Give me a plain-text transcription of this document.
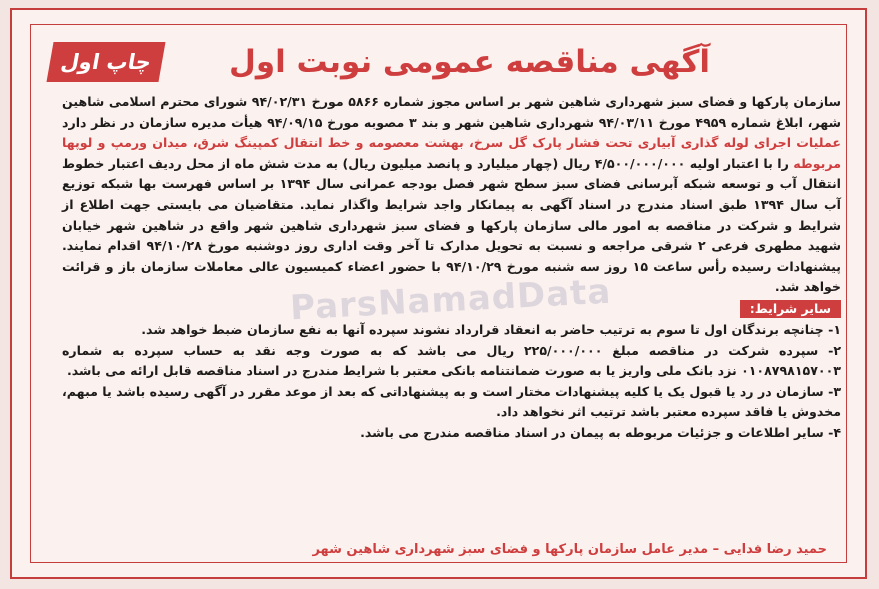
چاپ اول	آگهی مناقصه عمومی نوبت اول
ParsNamadData

سازمان پارکها و فضای سبز شهرداری شاهین شهر بر اساس مجوز شماره ۵۸۶۶ مورخ ۹۴/۰۲/۳۱ شورای محترم اسلامی شاهین شهر، ابلاغ شماره ۴۹۵۹ مورخ ۹۴/۰۳/۱۱ شهرداری شاهین شهر و بند ۳ مصوبه مورخ ۹۴/۰۹/۱۵ هیأت مدیره سازمان در نظر دارد عملیات اجرای لوله گذاری آبیاری تحت فشار پارک گل سرخ، بهشت معصومه و خط انتقال کمپینگ شرق، میدان ورمپ و لوپها مربوطه را با اعتبار اولیه ۴/۵۰۰/۰۰۰/۰۰۰ ریال (چهار میلیارد و پانصد میلیون ریال) به مدت شش ماه از محل ردیف اعتبار خطوط انتقال آب و توسعه شبکه آبرسانی فضای سبز سطح شهر فصل بودجه عمرانی سال ۱۳۹۴ بر اساس فهرست بها شبکه توزیع آب سال ۱۳۹۴ طبق اسناد مندرج در اسناد آگهی به پیمانکار واجد شرایط واگذار نماید. متقاضیان می بایستی جهت اطلاع از شرایط و شرکت در مناقصه به امور مالی سازمان پارکها و فضای سبز شهرداری شاهین شهر واقع در شاهین شهر خیابان شهید مطهری فرعی ۲ شرقی مراجعه و نسبت به تحویل مدارک تا آخر وقت اداری روز دوشنبه مورخ ۹۴/۱۰/۲۸ اقدام نمایند. پیشنهادات رسیده رأس ساعت ۱۵ روز سه شنبه مورخ ۹۴/۱۰/۲۹ با حضور اعضاء کمیسیون عالی معاملات سازمان باز و قرائت خواهد شد.

سایر شرایط:

۱- چنانچه برندگان اول تا سوم به ترتیب حاضر به انعقاد قرارداد نشوند سپرده آنها به نفع سازمان ضبط خواهد شد.

۲- سپرده شرکت در مناقصه مبلغ ۲۲۵/۰۰۰/۰۰۰ ریال می باشد که به صورت وجه نقد به حساب سپرده به شماره ۰۱۰۸۷۹۸۱۵۷۰۰۳ نزد بانک ملی واریز یا به صورت ضمانتنامه بانکی معتبر با شرایط مندرج در اسناد مناقصه قابل ارائه می باشد.

۳- سازمان در رد یا قبول یک یا کلیه پیشنهادات مختار است و به پیشنهاداتی که بعد از موعد مقرر در آگهی رسیده باشد یا مبهم، مخدوش یا فاقد سپرده معتبر باشد ترتیب اثر نخواهد داد.

۴- سایر اطلاعات و جزئیات مربوطه به پیمان در اسناد مناقصه مندرج می باشد.

حمید رضا فدایی – مدیر عامل سازمان پارکها و فضای سبز شهرداری شاهین شهر
